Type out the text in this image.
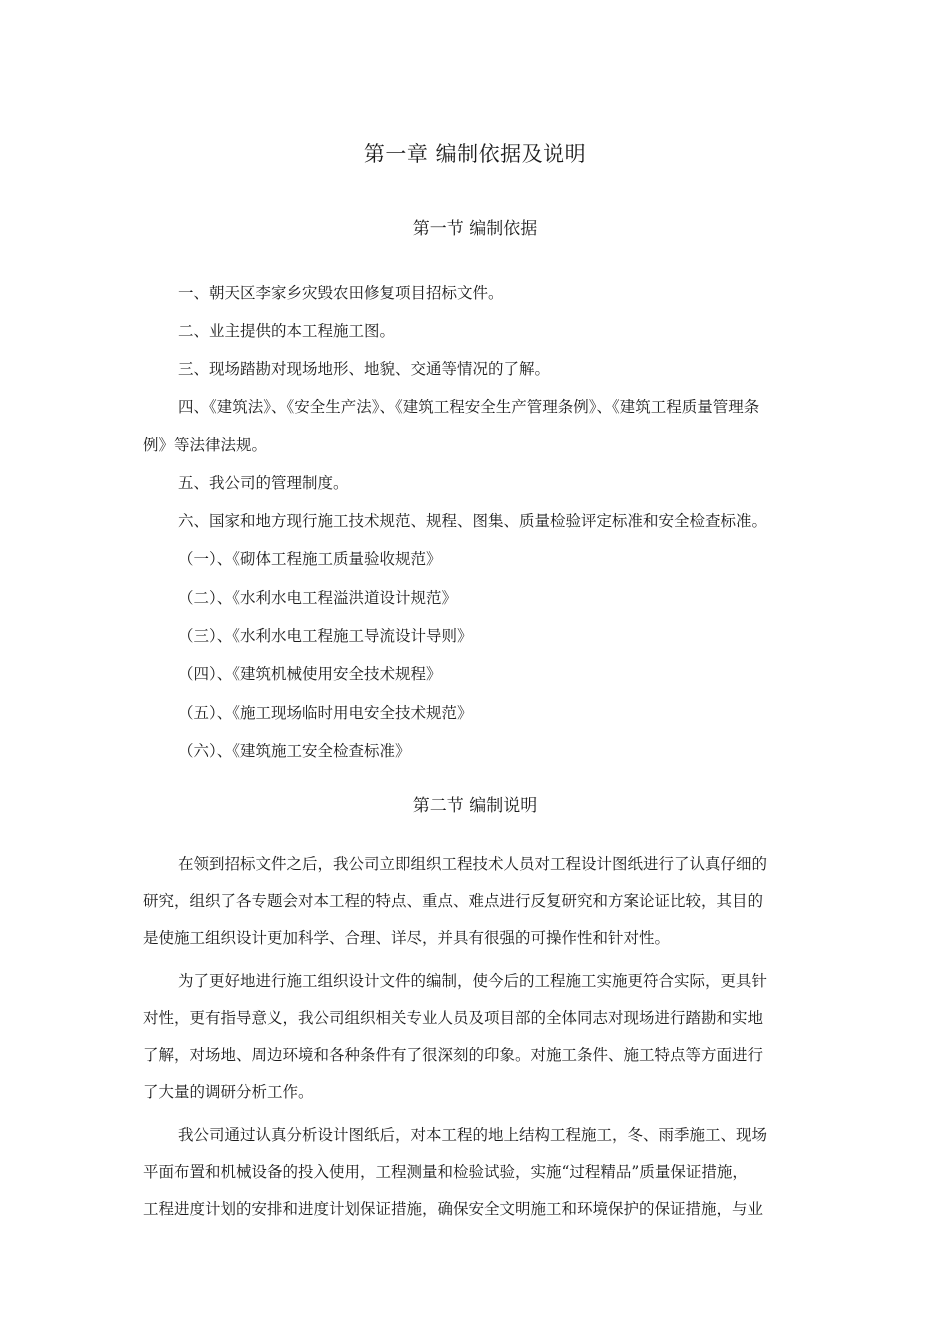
第一章 编制依据及说明
第一节 编制依据
一、朝天区李家乡灾毁农田修复项目招标文件。
二、业主提供的本工程施工图。
三、现场踏勘对现场地形、地貌、交通等情况的了解。
四、《建筑法》、《安全生产法》、《建筑工程安全生产管理条例》、《建筑工程质量管理条
例》等法律法规。
五、我公司的管理制度。
六、国家和地方现行施工技术规范、规程、图集、质量检验评定标准和安全检查标准。
（一）、《砌体工程施工质量验收规范》
（二）、《水利水电工程溢洪道设计规范》
（三）、《水利水电工程施工导流设计导则》
（四）、《建筑机械使用安全技术规程》
（五）、《施工现场临时用电安全技术规范》
（六）、《建筑施工安全检查标准》
第二节 编制说明
在领到招标文件之后，我公司立即组织工程技术人员对工程设计图纸进行了认真仔细的
研究，组织了各专题会对本工程的特点、重点、难点进行反复研究和方案论证比较，其目的
是使施工组织设计更加科学、合理、详尽，并具有很强的可操作性和针对性。
为了更好地进行施工组织设计文件的编制，使今后的工程施工实施更符合实际，更具针
对性，更有指导意义，我公司组织相关专业人员及项目部的全体同志对现场进行踏勘和实地
了解，对场地、周边环境和各种条件有了很深刻的印象。对施工条件、施工特点等方面进行
了大量的调研分析工作。
我公司通过认真分析设计图纸后，对本工程的地上结构工程施工，冬、雨季施工、现场
平面布置和机械设备的投入使用，工程测量和检验试验，实施“过程精品”质量保证措施，
工程进度计划的安排和进度计划保证措施，确保安全文明施工和环境保护的保证措施，与业
